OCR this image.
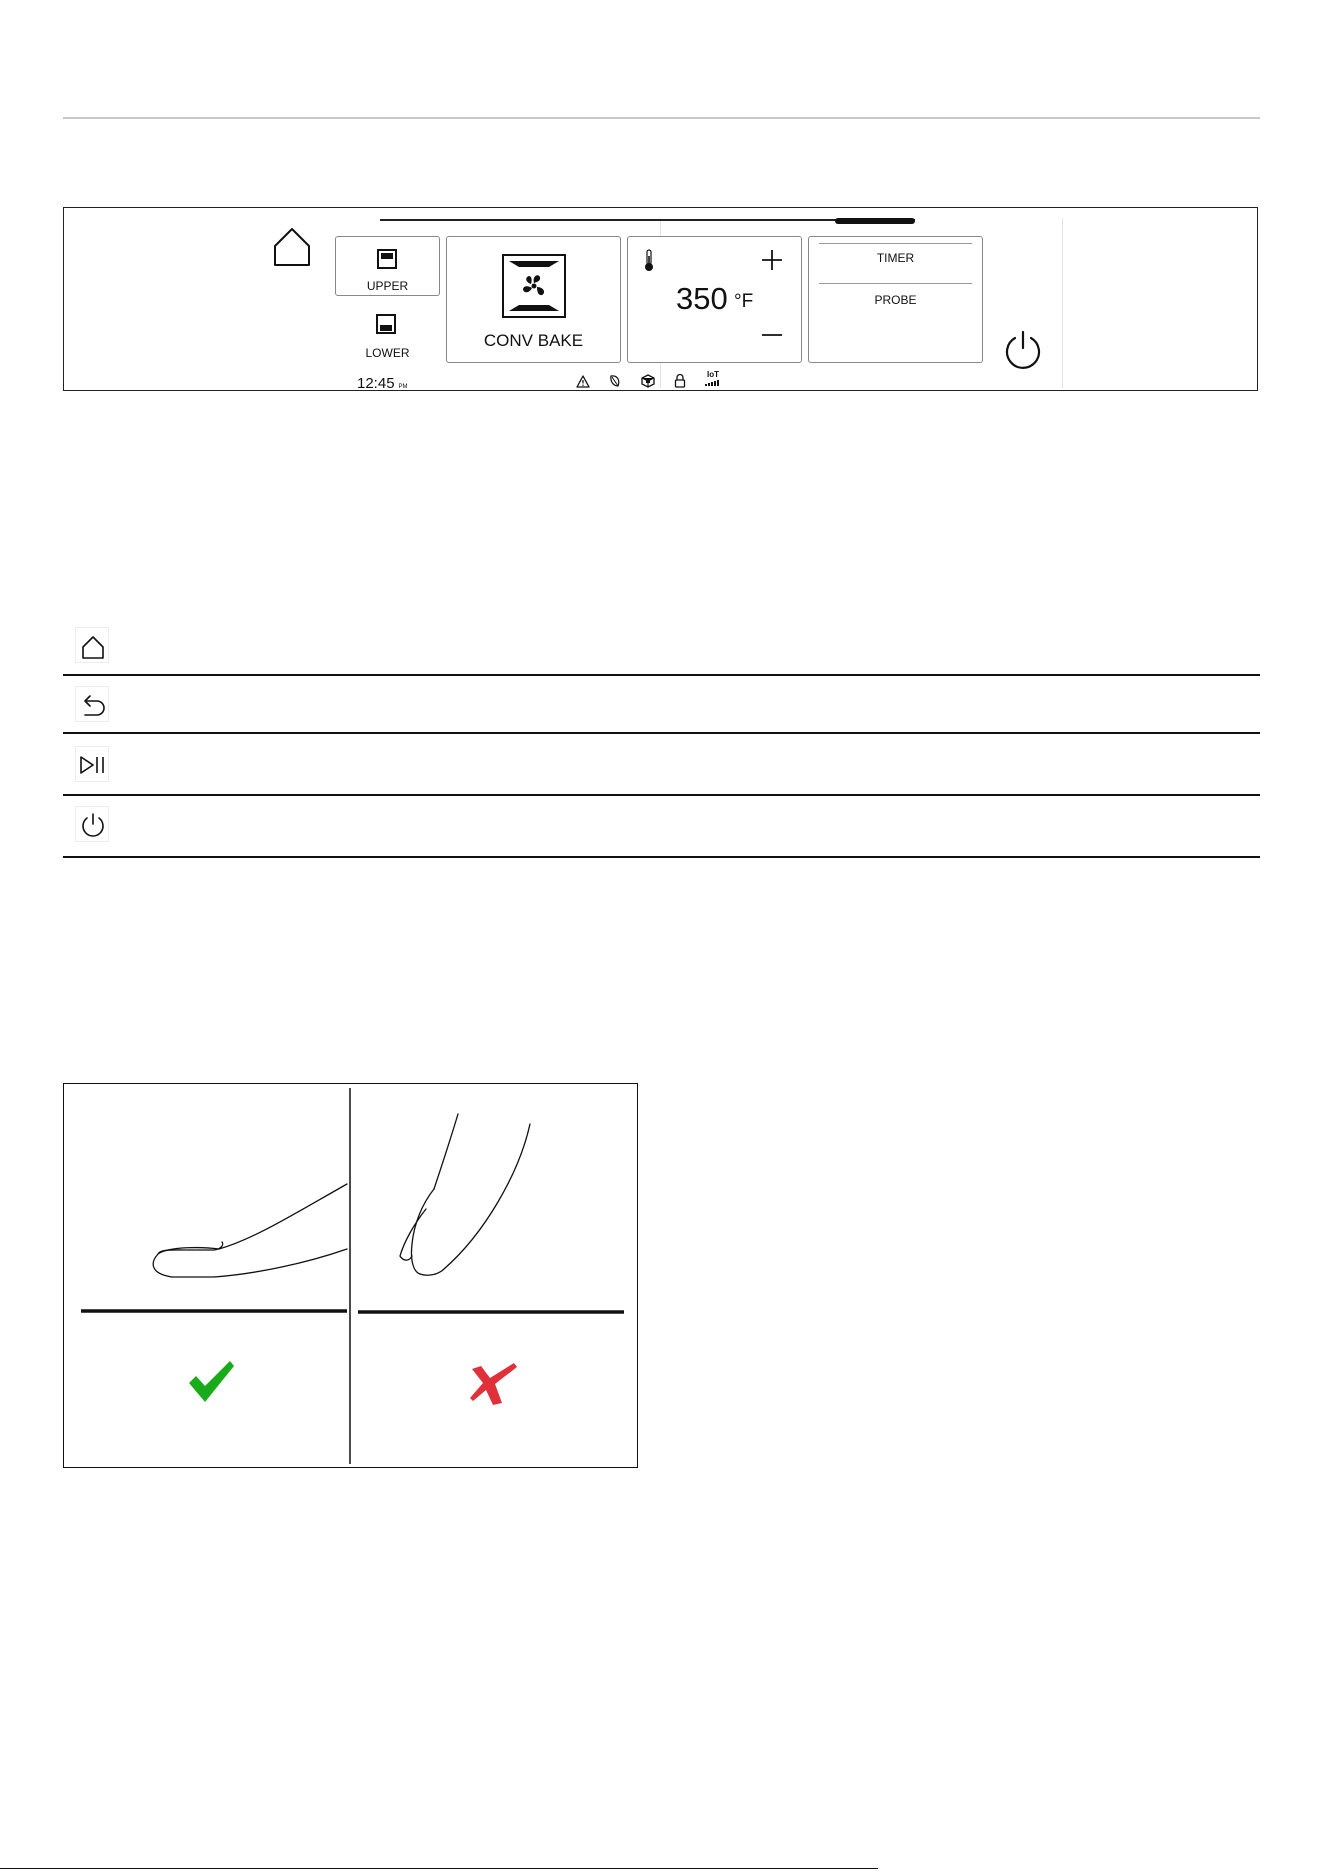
UPPER
LOWER
CONV BAKE
350 °F
TIMER
PROBE
12:45 PM
IoT
